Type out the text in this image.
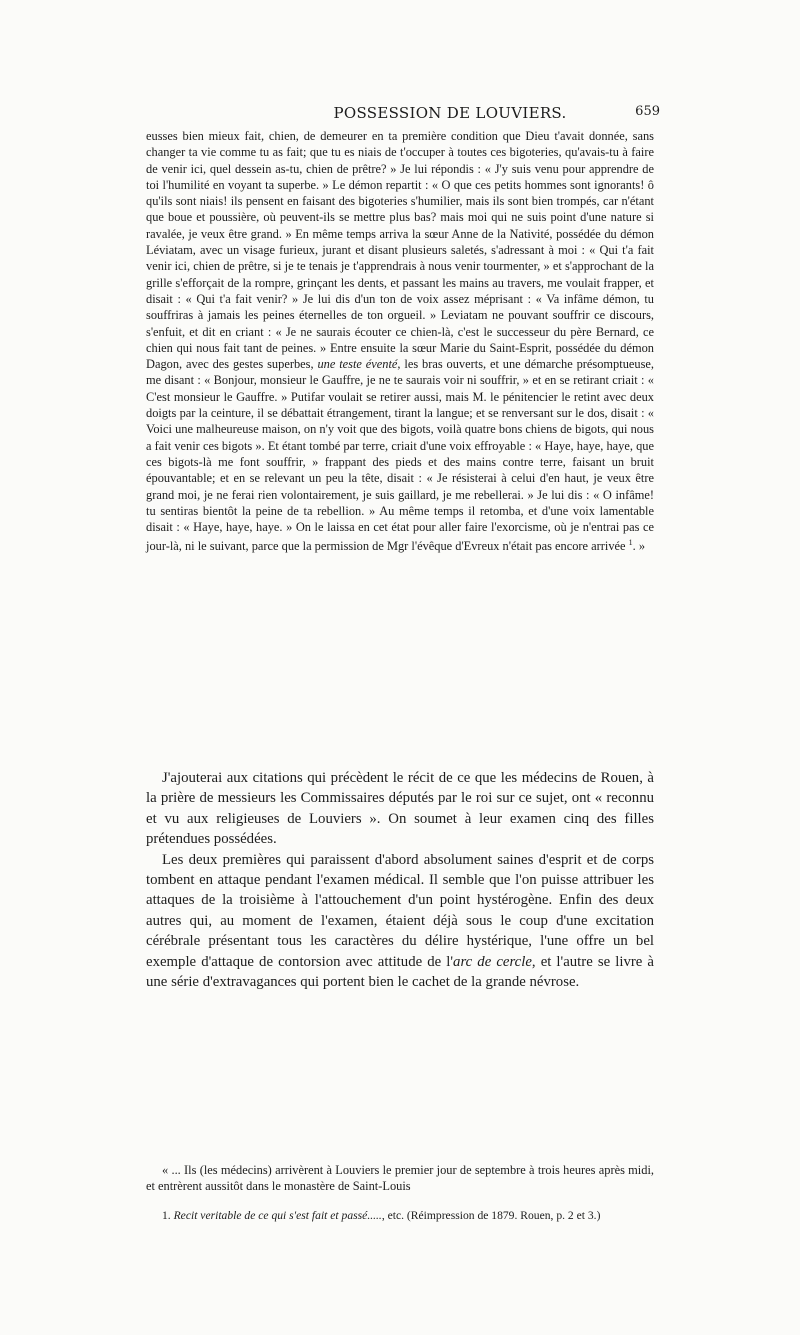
POSSESSION DE LOUVIERS.	659

eusses bien mieux fait, chien, de demeurer en ta première condition que Dieu t'avait donnée, sans changer ta vie comme tu as fait; que tu es niais de t'occuper à toutes ces bigoteries, qu'avais-tu à faire de venir ici, quel dessein as-tu, chien de prêtre? » Je lui répondis : « J'y suis venu pour apprendre de toi l'humilité en voyant ta superbe. » Le démon repartit : « O que ces petits hommes sont ignorants! ô qu'ils sont niais! ils pensent en faisant des bigoteries s'humilier, mais ils sont bien trompés, car n'étant que boue et poussière, où peuvent-ils se mettre plus bas? mais moi qui ne suis point d'une nature si ravalée, je veux être grand. » En même temps arriva la sœur Anne de la Nativité, possédée du démon Léviatam, avec un visage furieux, jurant et disant plusieurs saletés, s'adressant à moi : « Qui t'a fait venir ici, chien de prêtre, si je te tenais je t'apprendrais à nous venir tourmenter, » et s'approchant de la grille s'efforçait de la rompre, grinçant les dents, et passant les mains au travers, me voulait frapper, et disait : « Qui t'a fait venir? » Je lui dis d'un ton de voix assez méprisant : « Va infâme démon, tu souffriras à jamais les peines éternelles de ton orgueil. » Leviatam ne pouvant souffrir ce discours, s'enfuit, et dit en criant : « Je ne saurais écouter ce chien-là, c'est le successeur du père Bernard, ce chien qui nous fait tant de peines. » Entre ensuite la sœur Marie du Saint-Esprit, possédée du démon Dagon, avec des gestes superbes, une teste éventé, les bras ouverts, et une démarche présomptueuse, me disant : « Bonjour, monsieur le Gauffre, je ne te saurais voir ni souffrir, » et en se retirant criait : « C'est monsieur le Gauffre. » Putifar voulait se retirer aussi, mais M. le pénitencier le retint avec deux doigts par la ceinture, il se débattait étrangement, tirant la langue; et se renversant sur le dos, disait : « Voici une malheureuse maison, on n'y voit que des bigots, voilà quatre bons chiens de bigots, qui nous a fait venir ces bigots ». Et étant tombé par terre, criait d'une voix effroyable : « Haye, haye, haye, que ces bigots-là me font souffrir, » frappant des pieds et des mains contre terre, faisant un bruit épouvantable; et en se relevant un peu la tête, disait : « Je résisterai à celui d'en haut, je veux être grand moi, je ne ferai rien volontairement, je suis gaillard, je me rebellerai. » Je lui dis : « O infâme! tu sentiras bientôt la peine de ta rebellion. » Au même temps il retomba, et d'une voix lamentable disait : « Haye, haye, haye. » On le laissa en cet état pour aller faire l'exorcisme, où je n'entrai pas ce jour-là, ni le suivant, parce que la permission de Mgr l'évêque d'Evreux n'était pas encore arrivée $^1$. »

J'ajouterai aux citations qui précèdent le récit de ce que les médecins de Rouen, à la prière de messieurs les Commissaires députés par le roi sur ce sujet, ont « reconnu et vu aux religieuses de Louviers ». On soumet à leur examen cinq des filles prétendues possédées.

Les deux premières qui paraissent d'abord absolument saines d'esprit et de corps tombent en attaque pendant l'examen médical. Il semble que l'on puisse attribuer les attaques de la troisième à l'attouchement d'un point hystérogène. Enfin des deux autres qui, au moment de l'examen, étaient déjà sous le coup d'une excitation cérébrale présentant tous les caractères du délire hystérique, l'une offre un bel exemple d'attaque de contorsion avec attitude de l'arc de cercle, et l'autre se livre à une série d'extravagances qui portent bien le cachet de la grande névrose.

« ... Ils (les médecins) arrivèrent à Louviers le premier jour de septembre à trois heures après midi, et entrèrent aussitôt dans le monastère de Saint-Louis

1. Recit veritable de ce qui s'est fait et passé....., etc. (Réimpression de 1879. Rouen, p. 2 et 3.)
